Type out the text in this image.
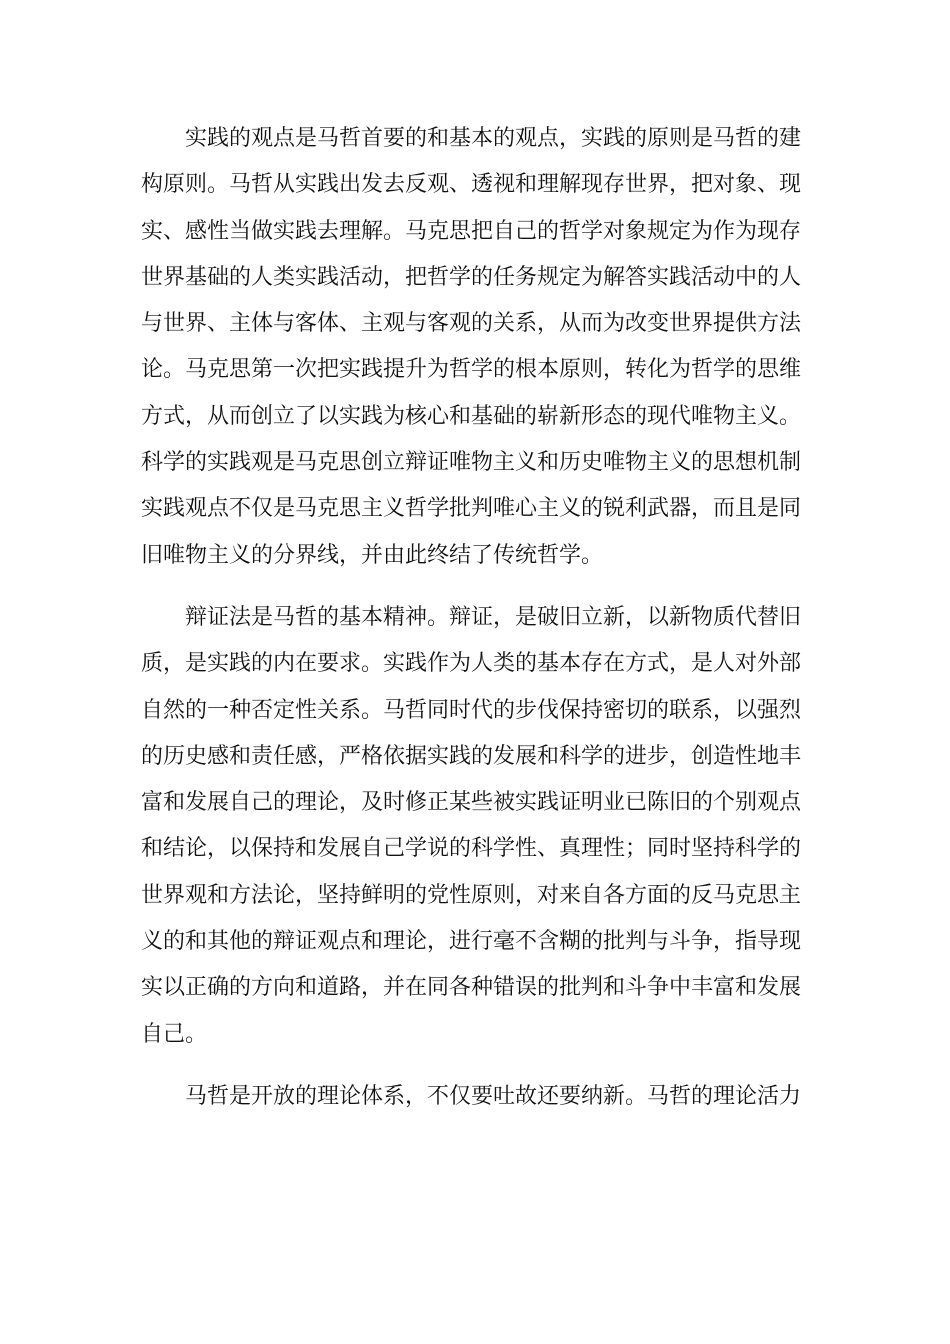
实践的观点是马哲首要的和基本的观点，实践的原则是马哲的建
构原则。马哲从实践出发去反观、透视和理解现存世界，把对象、现
实、感性当做实践去理解。马克思把自己的哲学对象规定为作为现存
世界基础的人类实践活动，把哲学的任务规定为解答实践活动中的人
与世界、主体与客体、主观与客观的关系，从而为改变世界提供方法
论。马克思第一次把实践提升为哲学的根本原则，转化为哲学的思维
方式，从而创立了以实践为核心和基础的崭新形态的现代唯物主义。
科学的实践观是马克思创立辩证唯物主义和历史唯物主义的思想机制
实践观点不仅是马克思主义哲学批判唯心主义的锐利武器，而且是同
旧唯物主义的分界线，并由此终结了传统哲学。
辩证法是马哲的基本精神。辩证，是破旧立新，以新物质代替旧
质，是实践的内在要求。实践作为人类的基本存在方式，是人对外部
自然的一种否定性关系。马哲同时代的步伐保持密切的联系，以强烈
的历史感和责任感，严格依据实践的发展和科学的进步，创造性地丰
富和发展自己的理论，及时修正某些被实践证明业已陈旧的个别观点
和结论，以保持和发展自己学说的科学性、真理性；同时坚持科学的
世界观和方法论，坚持鲜明的党性原则，对来自各方面的反马克思主
义的和其他的辩证观点和理论，进行毫不含糊的批判与斗争，指导现
实以正确的方向和道路，并在同各种错误的批判和斗争中丰富和发展
自己。
马哲是开放的理论体系，不仅要吐故还要纳新。马哲的理论活力
